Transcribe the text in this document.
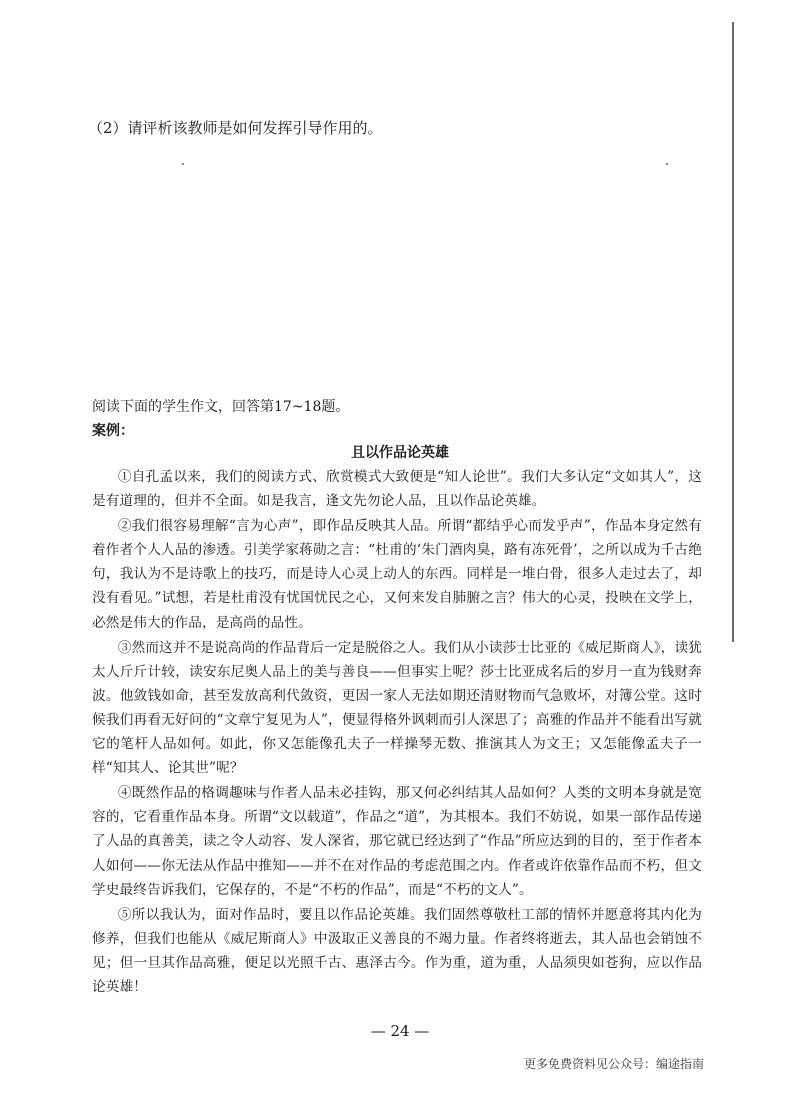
（2）请评析该教师是如何发挥引导作用的。
阅读下面的学生作文，回答第17~18题。
案例：
且以作品论英雄

①自孔孟以来，我们的阅读方式、欣赏模式大致便是“知人论世”。我们大多认定“文如其人”，这是有道理的，但并不全面。如是我言，逢文先勿论人品，且以作品论英雄。

②我们很容易理解“言为心声”，即作品反映其人品。所谓“都结乎心而发乎声”，作品本身定然有着作者个人人品的渗透。引美学家蒋勋之言：“杜甫的‘朱门酒肉臭，路有冻死骨’，之所以成为千古绝句，我认为不是诗歌上的技巧，而是诗人心灵上动人的东西。同样是一堆白骨，很多人走过去了，却没有看见。”试想，若是杜甫没有忧国忧民之心，又何来发自肺腑之言？伟大的心灵，投映在文学上，必然是伟大的作品，是高尚的品性。

③然而这并不是说高尚的作品背后一定是脱俗之人。我们从小读莎士比亚的《威尼斯商人》，读犹太人斤斤计较，读安东尼奥人品上的美与善良——但事实上呢？莎士比亚成名后的岁月一直为钱财奔波。他敛钱如命，甚至发放高利代敛资，更因一家人无法如期还清财物而气急败坏，对簿公堂。这时候我们再看无好问的“文章宁复见为人”，便显得格外讽刺而引人深思了；高雅的作品并不能看出写就它的笔杆人品如何。如此，你又怎能像孔夫子一样操琴无数、推演其人为文王；又怎能像孟夫子一样“知其人、论其世”呢？

④既然作品的格调趣味与作者人品未必挂钩，那又何必纠结其人品如何？人类的文明本身就是宽容的，它看重作品本身。所谓“文以载道”，作品之“道”，为其根本。我们不妨说，如果一部作品传递了人品的真善美，读之令人动容、发人深省，那它就已经达到了“作品”所应达到的目的，至于作者本人如何——你无法从作品中推知——并不在对作品的考虑范围之内。作者或许依靠作品而不朽，但文学史最终告诉我们，它保存的，不是“不朽的作品”，而是“不朽的文人”。

⑤所以我认为，面对作品时，要且以作品论英雄。我们固然尊敬杜工部的情怀并愿意将其内化为修养，但我们也能从《威尼斯商人》中汲取正义善良的不竭力量。作者终将逝去，其人品也会销蚀不见；但一旦其作品高雅，便足以光照千古、惠泽古今。作为重，道为重，人品须臾如苍狗，应以作品论英雄！

— 24 —
更多免费资料见公众号：编途指南
